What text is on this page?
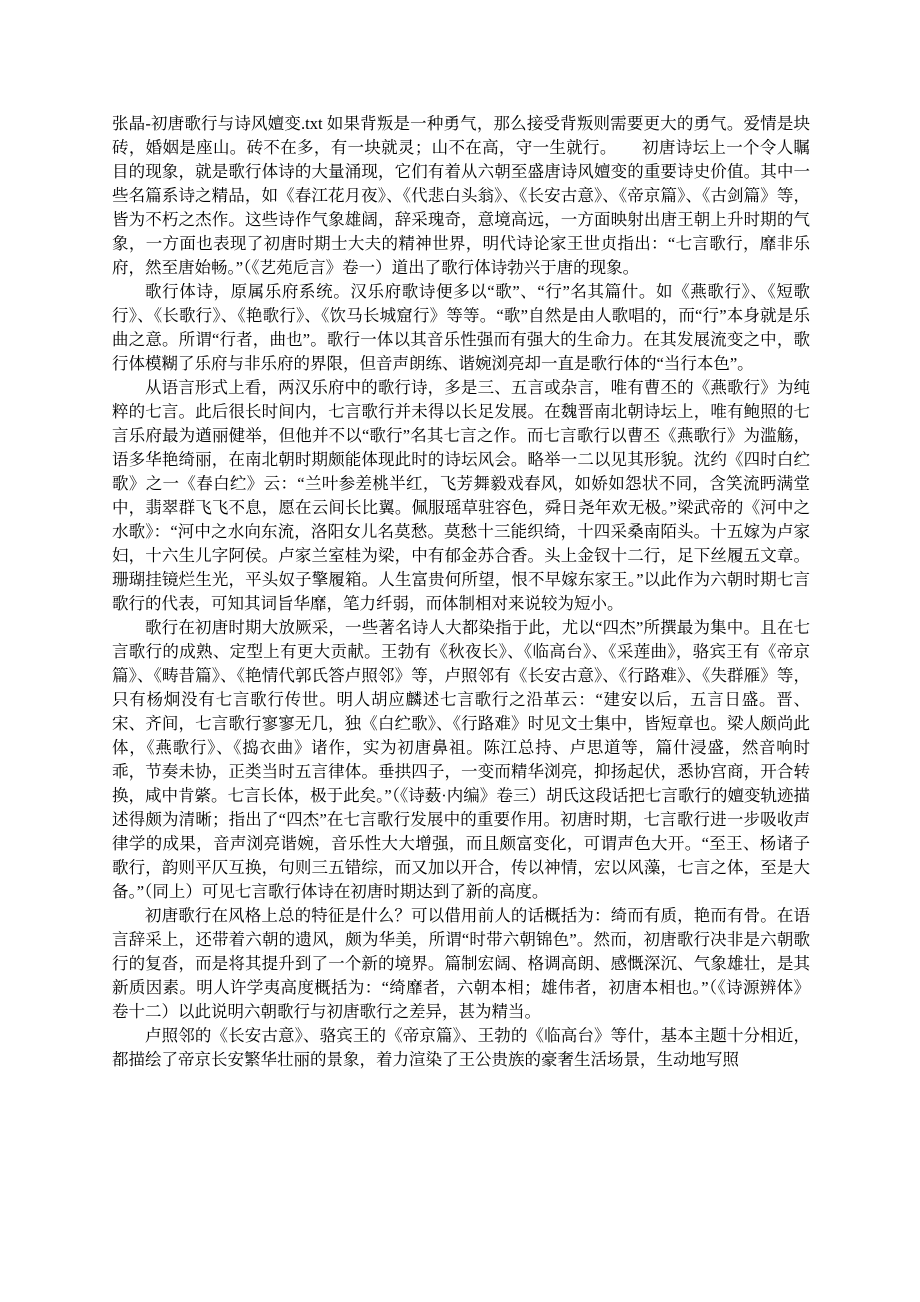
张晶-初唐歌行与诗风嬗变.txt 如果背叛是一种勇气，那么接受背叛则需要更大的勇气。爱情是块砖，婚姻是座山。砖不在多，有一块就灵；山不在高，守一生就行。　　初唐诗坛上一个令人瞩目的现象，就是歌行体诗的大量涌现，它们有着从六朝至盛唐诗风嬗变的重要诗史价值。其中一些名篇系诗之精品，如《春江花月夜》、《代悲白头翁》、《长安古意》、《帝京篇》、《古剑篇》等，皆为不朽之杰作。这些诗作气象雄阔，辞采瑰奇，意境高远，一方面映射出唐王朝上升时期的气象，一方面也表现了初唐时期士大夫的精神世界，明代诗论家王世贞指出：“七言歌行，靡非乐府，然至唐始畅。”（《艺苑卮言》卷一）道出了歌行体诗勃兴于唐的现象。

歌行体诗，原属乐府系统。汉乐府歌诗便多以“歌”、“行”名其篇什。如《燕歌行》、《短歌行》、《长歌行》、《艳歌行》、《饮马长城窟行》等等。“歌”自然是由人歌唱的，而“行”本身就是乐曲之意。所谓“行者，曲也”。歌行一体以其音乐性强而有强大的生命力。在其发展流变之中，歌行体模糊了乐府与非乐府的界限，但音声朗练、谐婉浏亮却一直是歌行体的“当行本色”。

从语言形式上看，两汉乐府中的歌行诗，多是三、五言或杂言，唯有曹丕的《燕歌行》为纯粹的七言。此后很长时间内，七言歌行并未得以长足发展。在魏晋南北朝诗坛上，唯有鲍照的七言乐府最为遒丽健举，但他并不以“歌行”名其七言之作。而七言歌行以曹丕《燕歌行》为滥觞，语多华艳绮丽，在南北朝时期颇能体现此时的诗坛风会。略举一二以见其形貌。沈约《四时白纻歌》之一《春白纻》云：“兰叶参差桃半红，飞芳舞毅戏春风，如娇如怨状不同，含笑流眄满堂中，翡翠群飞飞不息，愿在云间长比翼。佩服瑶草驻容色，舜日尧年欢无极。”梁武帝的《河中之水歌》：“河中之水向东流，洛阳女儿名莫愁。莫愁十三能织绮，十四采桑南陌头。十五嫁为卢家妇，十六生儿字阿侯。卢家兰室桂为梁，中有郁金苏合香。头上金钗十二行，足下丝履五文章。珊瑚挂镜烂生光，平头奴子擎履箱。人生富贵何所望，恨不早嫁东家王。”以此作为六朝时期七言歌行的代表，可知其词旨华靡，笔力纤弱，而体制相对来说较为短小。

歌行在初唐时期大放厥采，一些著名诗人大都染指于此，尤以“四杰”所撰最为集中。且在七言歌行的成熟、定型上有更大贡献。王勃有《秋夜长》、《临高台》、《采莲曲》，骆宾王有《帝京篇》、《畴昔篇》、《艳情代郭氏答卢照邻》等，卢照邻有《长安古意》、《行路难》、《失群雁》等，只有杨炯没有七言歌行传世。明人胡应麟述七言歌行之沿革云：“建安以后，五言日盛。晋、宋、齐间，七言歌行寥寥无几，独《白纻歌》、《行路难》时见文士集中，皆短章也。梁人颇尚此体，《燕歌行》、《捣衣曲》诸作，实为初唐鼻祖。陈江总持、卢思道等，篇什浸盛，然音响时乖，节奏未协，正类当时五言律体。垂拱四子，一变而精华浏亮，抑扬起伏，悉协宫商，开合转换，咸中肯綮。七言长体，极于此矣。”（《诗薮·内编》卷三）胡氏这段话把七言歌行的嬗变轨迹描述得颇为清晰；指出了“四杰”在七言歌行发展中的重要作用。初唐时期，七言歌行进一步吸收声律学的成果，音声浏亮谐婉，音乐性大大增强，而且颇富变化，可谓声色大开。“至王、杨诸子歌行，韵则平仄互换，句则三五错综，而又加以开合，传以神情，宏以风藻，七言之体，至是大备。”（同上）可见七言歌行体诗在初唐时期达到了新的高度。

初唐歌行在风格上总的特征是什么？可以借用前人的话概括为：绮而有质，艳而有骨。在语言辞采上，还带着六朝的遗风，颇为华美，所谓“时带六朝锦色”。然而，初唐歌行决非是六朝歌行的复沓，而是将其提升到了一个新的境界。篇制宏阔、格调高朗、感慨深沉、气象雄壮，是其新质因素。明人许学夷高度概括为：“绮靡者，六朝本相；雄伟者，初唐本相也。”（《诗源辨体》卷十二）以此说明六朝歌行与初唐歌行之差异，甚为精当。

卢照邻的《长安古意》、骆宾王的《帝京篇》、王勃的《临高台》等什，基本主题十分相近，都描绘了帝京长安繁华壮丽的景象，着力渲染了王公贵族的豪奢生活场景，生动地写照
